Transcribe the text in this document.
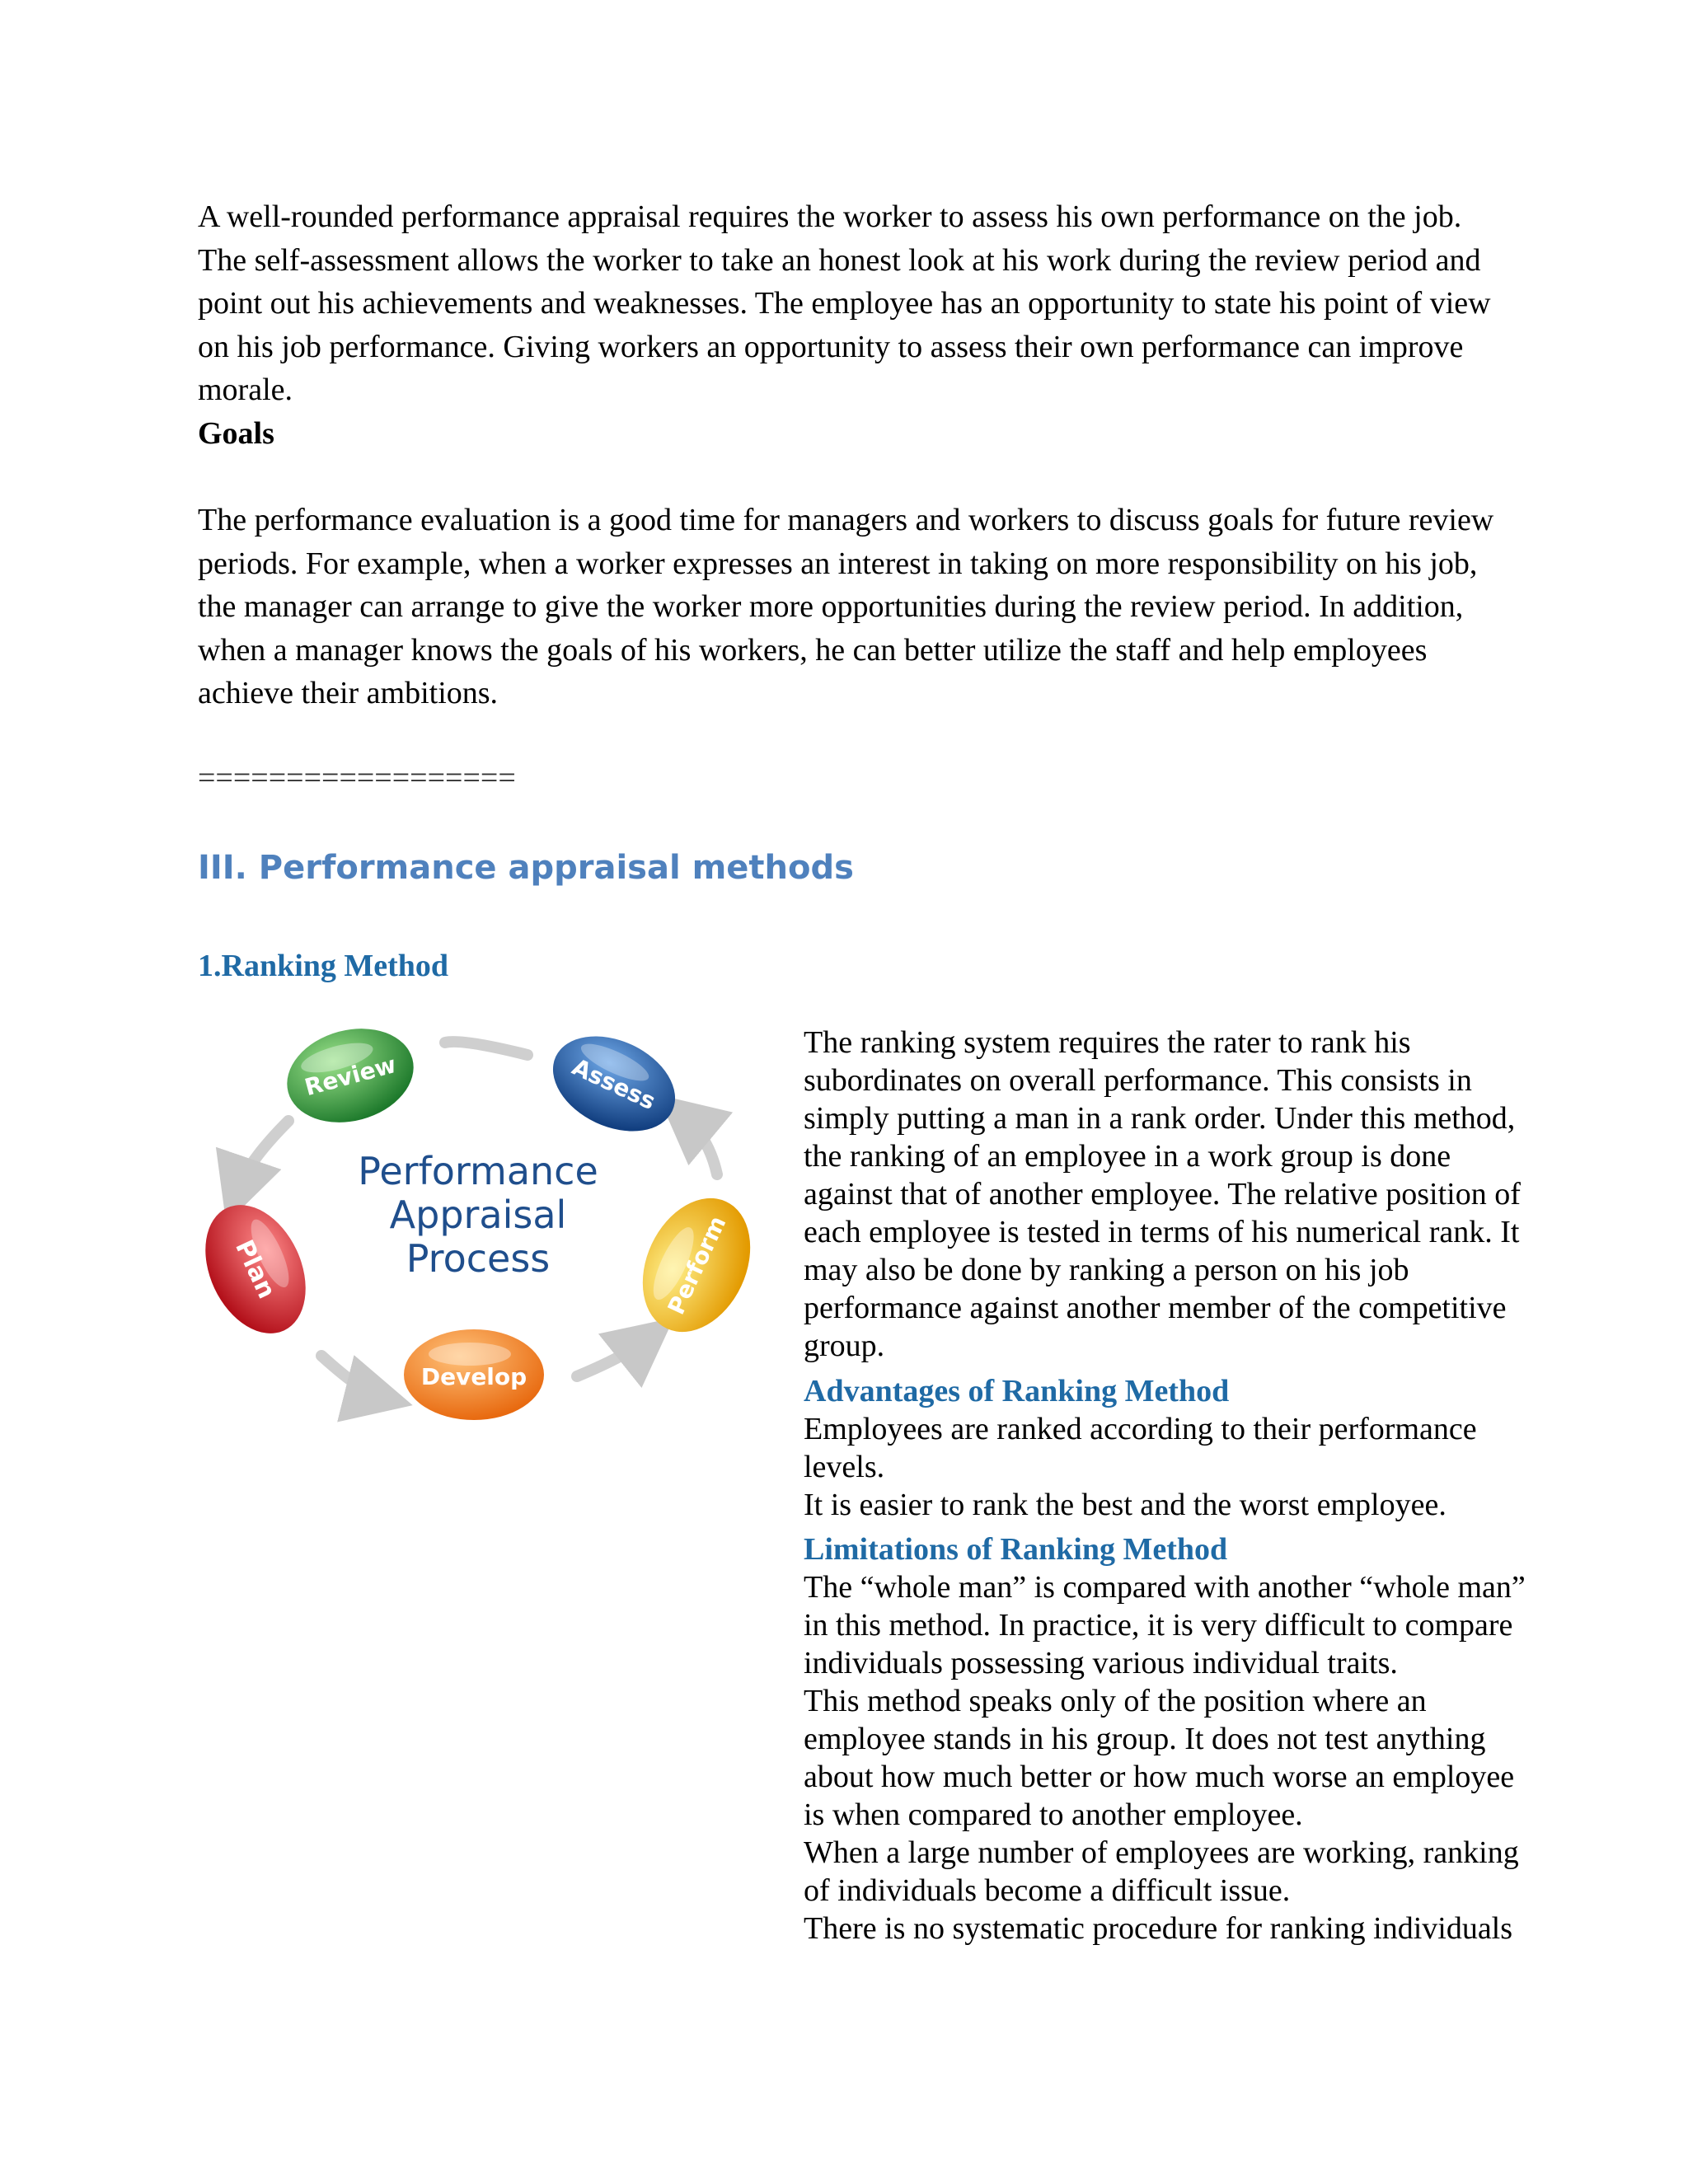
A well-rounded performance appraisal requires the worker to assess his own performance on the job. The self-assessment allows the worker to take an honest look at his work during the review period and point out his achievements and weaknesses. The employee has an opportunity to state his point of view on his job performance. Giving workers an opportunity to assess their own performance can improve morale.

Goals

The performance evaluation is a good time for managers and workers to discuss goals for future review periods. For example, when a worker expresses an interest in taking on more responsibility on his job, the manager can arrange to give the worker more opportunities during the review period. In addition, when a manager knows the goals of his workers, he can better utilize the staff and help employees achieve their ambitions.

==================

III. Performance appraisal methods
1.Ranking Method
Review	Assess
Perform
Develop
Plan
Performance
Appraisal
Process
The ranking system requires the rater to rank his
subordinates on overall performance. This consists in
simply putting a man in a rank order. Under this method,
the ranking of an employee in a work group is done
against that of another employee. The relative position of
each employee is tested in terms of his numerical rank. It
may also be done by ranking a person on his job
performance against another member of the competitive
group.

Advantages of Ranking Method

Employees are ranked according to their performance
levels.
It is easier to rank the best and the worst employee.

Limitations of Ranking Method

The “whole man” is compared with another “whole man”
in this method. In practice, it is very difficult to compare
individuals possessing various individual traits.
This method speaks only of the position where an
employee stands in his group. It does not test anything
about how much better or how much worse an employee
is when compared to another employee.
When a large number of employees are working, ranking
of individuals become a difficult issue.
There is no systematic procedure for ranking individuals
